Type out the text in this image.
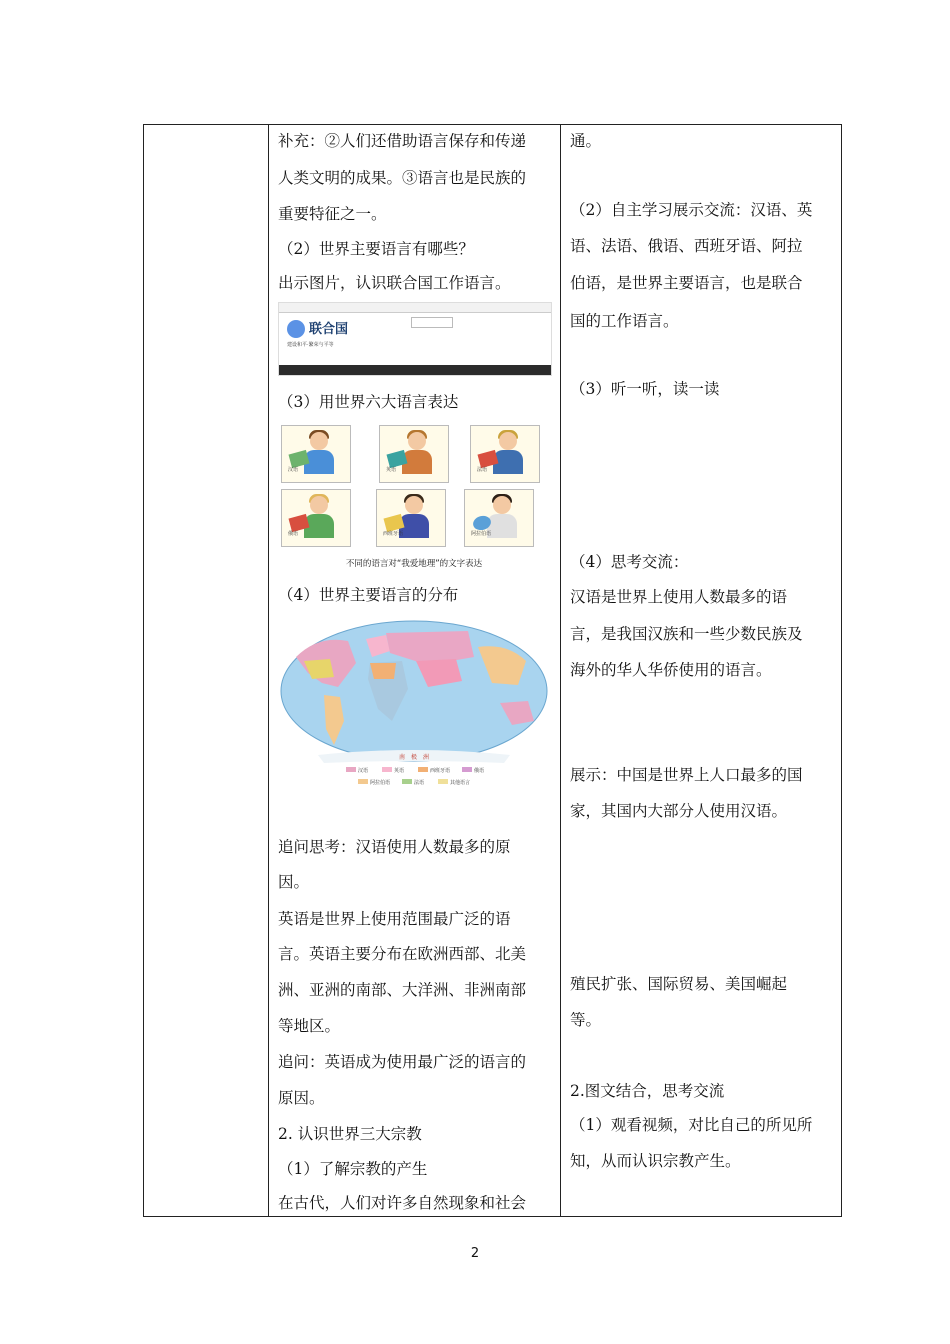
补充：②人们还借助语言保存和传递
人类文明的成果。③语言也是民族的
重要特征之一。
（2）世界主要语言有哪些？
出示图片，认识联合国工作语言。
联合国
建设和平·繁荣与平等
（3）用世界六大语言表达
汉语	英语	法语
俄语	西班牙语	阿拉伯语
不同的语言对“我爱地理”的文字表达
（4）世界主要语言的分布
南　极　洲
汉语	英语	西班牙语	俄语
阿拉伯语	法语	其他语言
追问思考：汉语使用人数最多的原
因。
英语是世界上使用范围最广泛的语
言。英语主要分布在欧洲西部、北美
洲、亚洲的南部、大洋洲、非洲南部
等地区。
追问：英语成为使用最广泛的语言的
原因。
2. 认识世界三大宗教
（1）了解宗教的产生
在古代，人们对许多自然现象和社会
通。
（2）自主学习展示交流：汉语、英
语、法语、俄语、西班牙语、阿拉
伯语，是世界主要语言，也是联合
国的工作语言。
（3）听一听，读一读
（4）思考交流：
汉语是世界上使用人数最多的语
言，是我国汉族和一些少数民族及
海外的华人华侨使用的语言。
展示：中国是世界上人口最多的国
家，其国内大部分人使用汉语。
殖民扩张、国际贸易、美国崛起
等。
2.图文结合，思考交流
（1）观看视频，对比自己的所见所
知，从而认识宗教产生。
2
